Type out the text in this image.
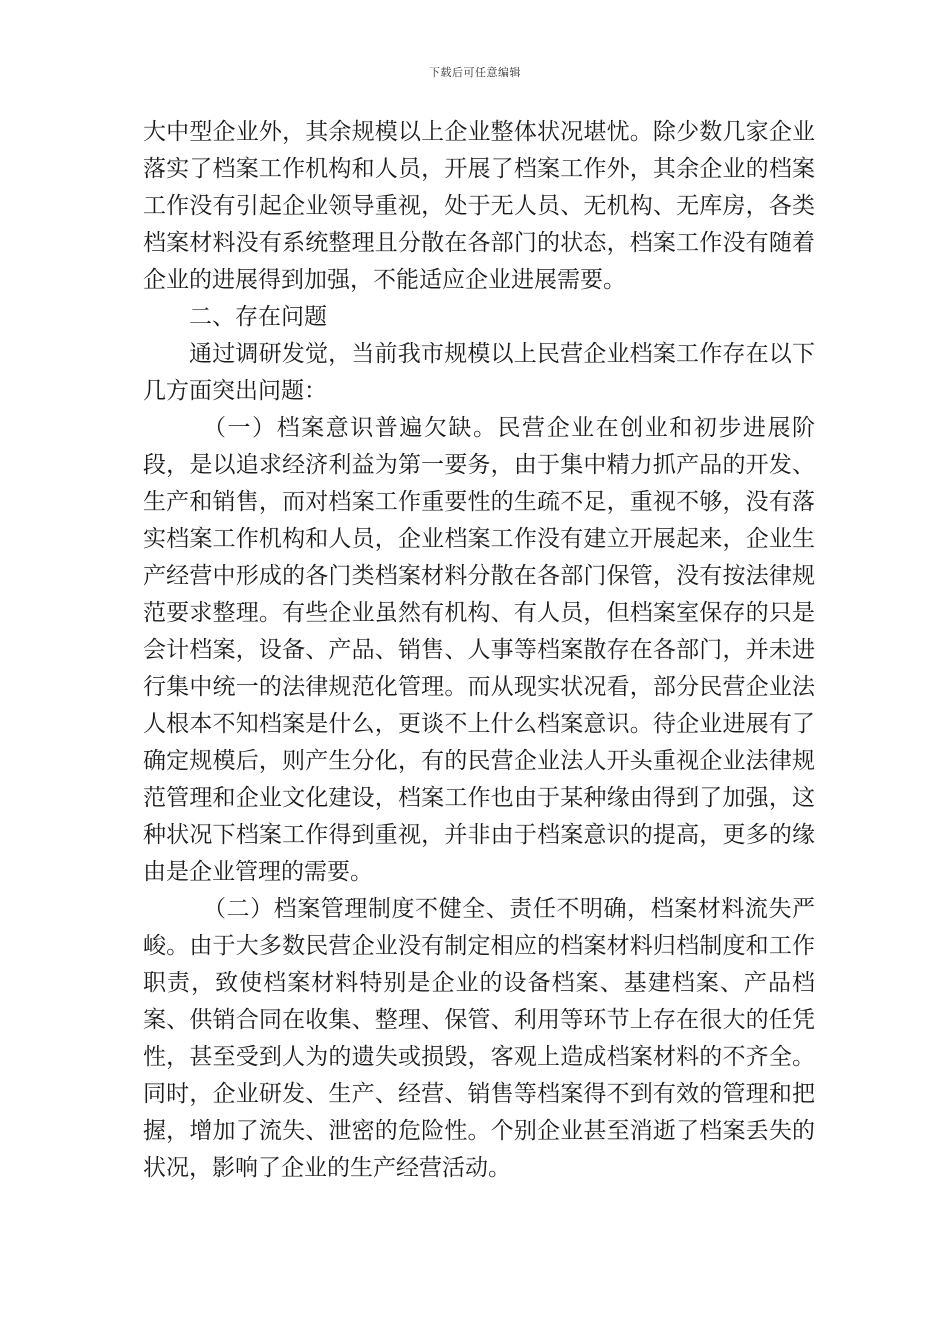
下载后可任意编辑

大中型企业外，其余规模以上企业整体状况堪忧。除少数几家企业落实了档案工作机构和人员，开展了档案工作外，其余企业的档案工作没有引起企业领导重视，处于无人员、无机构、无库房，各类档案材料没有系统整理且分散在各部门的状态，档案工作没有随着企业的进展得到加强，不能适应企业进展需要。

二、存在问题

通过调研发觉，当前我市规模以上民营企业档案工作存在以下几方面突出问题：

（一）档案意识普遍欠缺。民营企业在创业和初步进展阶段，是以追求经济利益为第一要务，由于集中精力抓产品的开发、生产和销售，而对档案工作重要性的生疏不足，重视不够，没有落实档案工作机构和人员，企业档案工作没有建立开展起来，企业生产经营中形成的各门类档案材料分散在各部门保管，没有按法律规范要求整理。有些企业虽然有机构、有人员，但档案室保存的只是会计档案，设备、产品、销售、人事等档案散存在各部门，并未进行集中统一的法律规范化管理。而从现实状况看，部分民营企业法人根本不知档案是什么，更谈不上什么档案意识。待企业进展有了确定规模后，则产生分化，有的民营企业法人开头重视企业法律规范管理和企业文化建设，档案工作也由于某种缘由得到了加强，这种状况下档案工作得到重视，并非由于档案意识的提高，更多的缘由是企业管理的需要。

（二）档案管理制度不健全、责任不明确，档案材料流失严峻。由于大多数民营企业没有制定相应的档案材料归档制度和工作职责，致使档案材料特别是企业的设备档案、基建档案、产品档案、供销合同在收集、整理、保管、利用等环节上存在很大的任凭性，甚至受到人为的遗失或损毁，客观上造成档案材料的不齐全。同时，企业研发、生产、经营、销售等档案得不到有效的管理和把握，增加了流失、泄密的危险性。个别企业甚至消逝了档案丢失的状况，影响了企业的生产经营活动。
